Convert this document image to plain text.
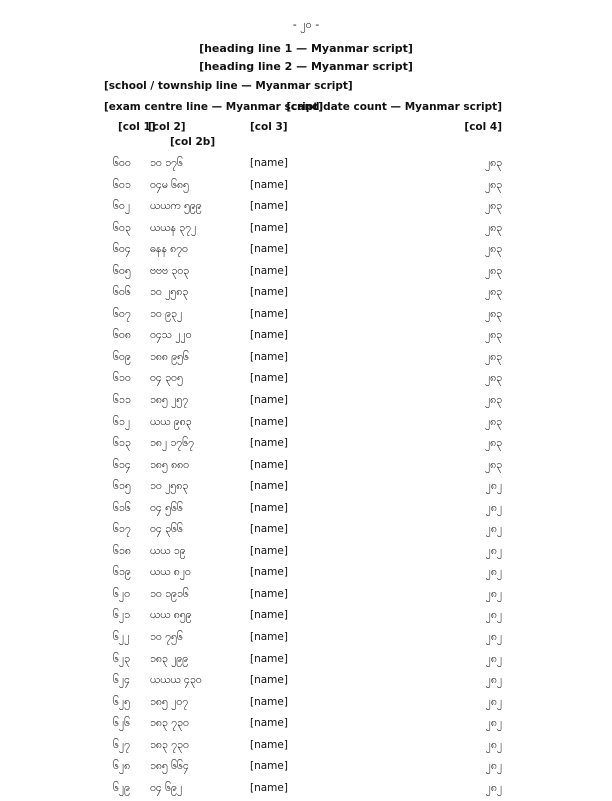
- ၂၀ -
[heading line 1 — Myanmar script]
[heading line 2 — Myanmar script]
[school / township line — Myanmar script]
[exam centre line — Myanmar script]
[candidate count — Myanmar script]
[col 1]
[col 2]
[col 2b]
[col 3]	[col 4]
၆၀၀ ၁၀ ၁၇၆	[name]	၂၈၃
၆၀၁ ၀၄မ ၆၈၅	[name]	၂၈၃
၆၀၂ ယယက ၅၉၉	[name]	၂၈၃
၆၀၃ ယယန ၃၇၂	[name]	၂၈၃
၆၀၄ ဓနန ၈၇၀	[name]	၂၈၃
၆၀၅ ဗဗဗ ၃၀၃	[name]	၂၈၃
၆၀၆ ၁၀ ၂၅၈၃	[name]	၂၈၃
၆၀၇ ၁၀ ၉၃၂	[name]	၂၈၃
၆၀၈ ၀၄သ ၂၂၀	[name]	၂၈၃
၆၀၉ ၁၈၈ ၉၅၆	[name]	၂၈၃
၆၁၀ ၀၄ ၃၀၅	[name]	၂၈၃
၆၁၁ ၁၈၅ ၂၅၇	[name]	၂၈၃
၆၁၂ ယယ ၉၈၃	[name]	၂၈၃
၆၁၃ ၁၈၂ ၁၇၆၇	[name]	၂၈၃
၆၁၄ ၁၈၅ ၈၈၀	[name]	၂၈၃
၆၁၅ ၁၀ ၂၅၈၃	[name]	၂၈၂
၆၁၆ ၀၄ ၅၆၆	[name]	၂၈၂
၆၁၇ ၀၄ ၃၆၆	[name]	၂၈၂
၆၁၈ ယယ ၁၉	[name]	၂၈၂
၆၁၉ ယယ ၈၂၀	[name]	၂၈၂
၆၂၀ ၁၀ ၁၉၁၆	[name]	၂၈၂
၆၂၁ ယယ ၈၅၉	[name]	၂၈၂
၆၂၂ ၁၀ ၇၅၆	[name]	၂၈၂
၆၂၃ ၁၈၃ ၂၉၉	[name]	၂၈၂
၆၂၄ ယယယ ၄၃၀	[name]	၂၈၂
၆၂၅ ၁၈၅ ၂၀၇	[name]	၂၈၂
၆၂၆ ၁၈၃ ၇၃၀	[name]	၂၈၂
၆၂၇ ၁၈၃ ၇၃၀	[name]	၂၈၂
၆၂၈ ၁၈၅ ၆၆၄	[name]	၂၈၂
၆၂၉ ၀၄ ၆၉၂	[name]	၂၈၂
